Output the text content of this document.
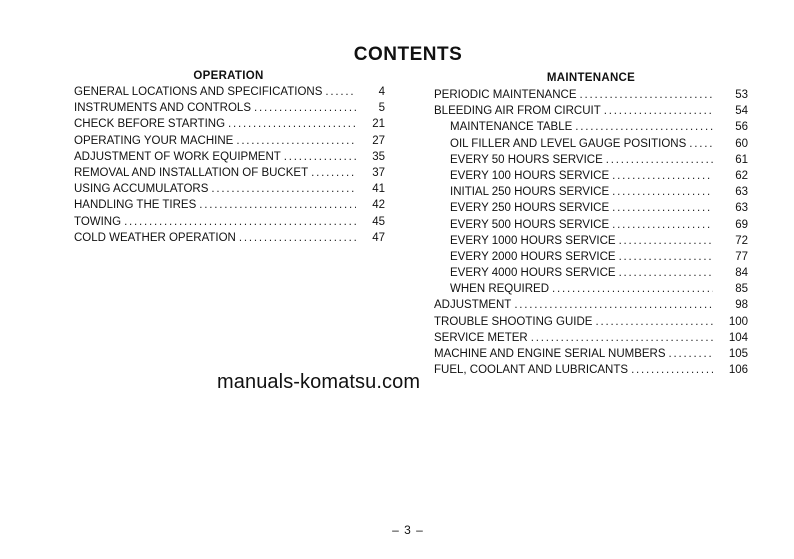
CONTENTS
OPERATION
GENERAL LOCATIONS AND SPECIFICATIONS . . .	4
INSTRUMENTS AND CONTROLS . . .	5
CHECK BEFORE STARTING . . .	21
OPERATING YOUR MACHINE . . .	27
ADJUSTMENT OF WORK EQUIPMENT . . .	35
REMOVAL AND INSTALLATION OF BUCKET . . .	37
USING ACCUMULATORS . . .	41
HANDLING THE TIRES . . .	42
TOWING . . .	45
COLD WEATHER OPERATION . . .	47
MAINTENANCE
PERIODIC MAINTENANCE . . .	53
BLEEDING AIR FROM CIRCUIT . . .	54
MAINTENANCE TABLE . . .	56
OIL FILLER AND LEVEL GAUGE POSITIONS . . .	60
EVERY 50 HOURS SERVICE . . .	61
EVERY 100 HOURS SERVICE . . .	62
INITIAL 250 HOURS SERVICE . . .	63
EVERY 250 HOURS SERVICE . . .	63
EVERY 500 HOURS SERVICE . . .	69
EVERY 1000 HOURS SERVICE . . .	72
EVERY 2000 HOURS SERVICE . . .	77
EVERY 4000 HOURS SERVICE . . .	84
WHEN REQUIRED . . .	85
ADJUSTMENT . . .	98
TROUBLE SHOOTING GUIDE . . .	100
SERVICE METER . . .	104
MACHINE AND ENGINE SERIAL NUMBERS . . .	105
FUEL, COOLANT AND LUBRICANTS . . .	106
manuals-komatsu.com
– 3 –
